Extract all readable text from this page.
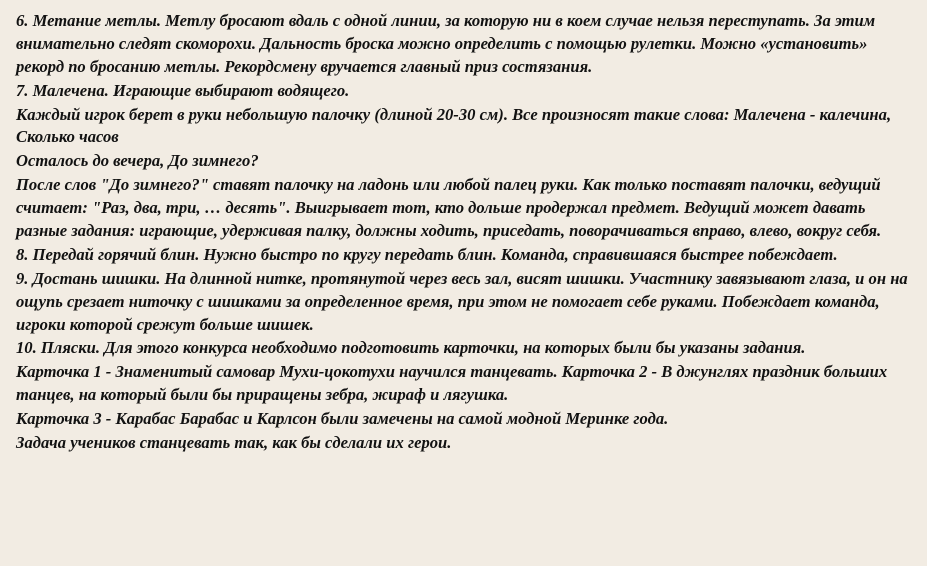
6. Метание метлы. Метлу бросают вдаль с одной линии, за которую ни в коем случае нельзя переступать. За этим внимательно следят скоморохи. Дальность броска можно определить с помощью рулетки. Можно «установить» рекорд по бросанию метлы. Рекордсмену вручается главный приз состязания.

7. Малечена. Играющие выбирают водящего.

Каждый игрок берет в руки небольшую палочку (длиной 20-30 см). Все произносят такие слова: Малечена - калечина, Сколько часов

Осталось до вечера, До зимнего?

После слов "До зимнего?" ставят палочку на ладонь или любой палец руки. Как только поставят палочки, ведущий считает: "Раз, два, три, … десять". Выигрывает тот, кто дольше продержал предмет. Ведущий может давать разные задания: играющие, удерживая палку, должны ходить, приседать, поворачиваться вправо, влево, вокруг себя.

8. Передай горячий блин. Нужно быстро по кругу передать блин. Команда, справившаяся быстрее побеждает.

9. Достань шишки. На длинной нитке, протянутой через весь зал, висят шишки. Участнику завязывают глаза, и он на ощупь срезает ниточку с шишками за определенное время, при этом не помогает себе руками. Побеждает команда, игроки которой срежут больше шишек.

10. Пляски. Для этого конкурса необходимо подготовить карточки, на которых были бы указаны задания.

Карточка 1 - Знаменитый самовар Мухи-цокотухи научился танцевать. Карточка 2 - В джунглях праздник больших танцев, на который были бы приращены зебра, жираф и лягушка.

Карточка 3 - Карабас Барабас и Карлсон были замечены на самой модной Меринке года.

Задача учеников станцевать так, как бы сделали их герои.
